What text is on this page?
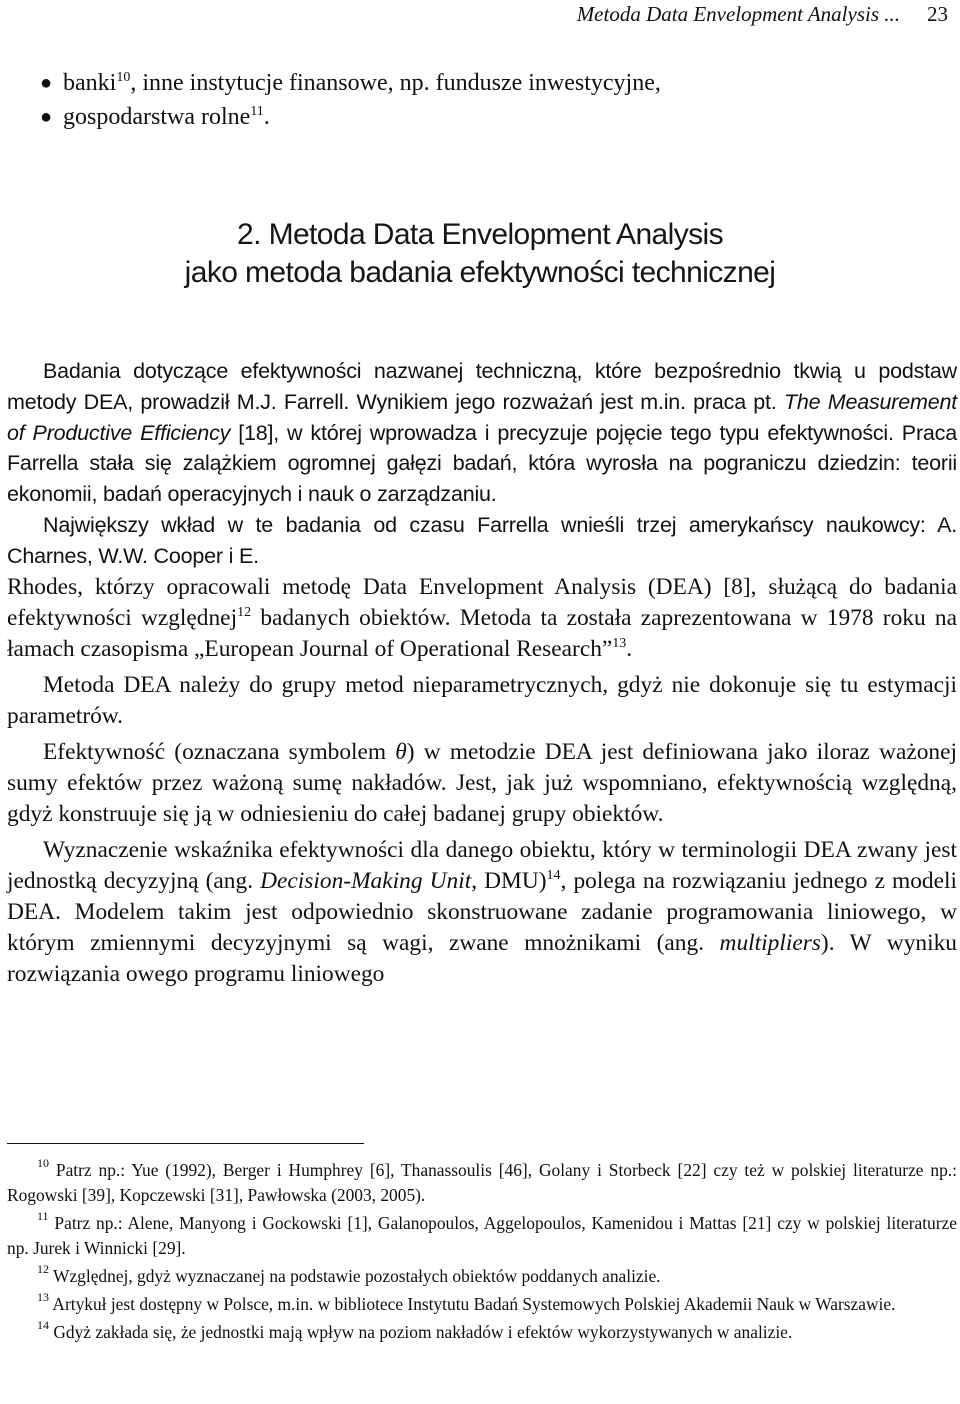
Metoda Data Envelopment Analysis ... 23
● banki$^{10}$, inne instytucje finansowe, np. fundusze inwestycyjne,
● gospodarstwa rolne$^{11}$.
2. Metoda Data Envelopment Analysis
jako metoda badania efektywności technicznej

Badania dotyczące efektywności nazwanej techniczną, które bezpośrednio tkwią u podstaw metody DEA, prowadził M.J. Farrell. Wynikiem jego rozważań jest m.in. praca pt. The Measurement of Productive Efficiency [18], w której wprowadza i precyzuje pojęcie tego typu efektywności. Praca Farrella stała się zalążkiem ogromnej gałęzi badań, która wyrosła na pograniczu dziedzin: teorii ekonomii, badań operacyjnych i nauk o zarządzaniu.

Największy wkład w te badania od czasu Farrella wnieśli trzej amerykańscy naukowcy: A. Charnes, W.W. Cooper i E.

Rhodes, którzy opracowali metodę Data Envelopment Analysis (DEA) [8], służącą do badania efektywności względnej$^{12}$ badanych obiektów. Metoda ta została zaprezentowana w 1978 roku na łamach czasopisma „European Journal of Operational Research”$^{13}$.

Metoda DEA należy do grupy metod nieparametrycznych, gdyż nie dokonuje się tu estymacji parametrów.

Efektywność (oznaczana symbolem θ) w metodzie DEA jest definiowana jako iloraz ważonej sumy efektów przez ważoną sumę nakładów. Jest, jak już wspomniano, efektywnością względną, gdyż konstruuje się ją w odniesieniu do całej badanej grupy obiektów.

Wyznaczenie wskaźnika efektywności dla danego obiektu, który w terminologii DEA zwany jest jednostką decyzyjną (ang. Decision-Making Unit, DMU)$^{14}$, polega na rozwiązaniu jednego z modeli DEA. Modelem takim jest odpowiednio skonstruowane zadanie programowania liniowego, w którym zmiennymi decyzyjnymi są wagi, zwane mnożnikami (ang. multipliers). W wyniku rozwiązania owego programu liniowego

$^{10}$ Patrz np.: Yue (1992), Berger i Humphrey [6], Thanassoulis [46], Golany i Storbeck [22] czy też w polskiej literaturze np.: Rogowski [39], Kopczewski [31], Pawłowska (2003, 2005).

$^{11}$ Patrz np.: Alene, Manyong i Gockowski [1], Galanopoulos, Aggelopoulos, Kamenidou i Mattas [21] czy w polskiej literaturze np. Jurek i Winnicki [29].

$^{12}$ Względnej, gdyż wyznaczanej na podstawie pozostałych obiektów poddanych analizie.

$^{13}$ Artykuł jest dostępny w Polsce, m.in. w bibliotece Instytutu Badań Systemowych Polskiej Akademii Nauk w Warszawie.

$^{14}$ Gdyż zakłada się, że jednostki mają wpływ na poziom nakładów i efektów wykorzystywanych w analizie.
